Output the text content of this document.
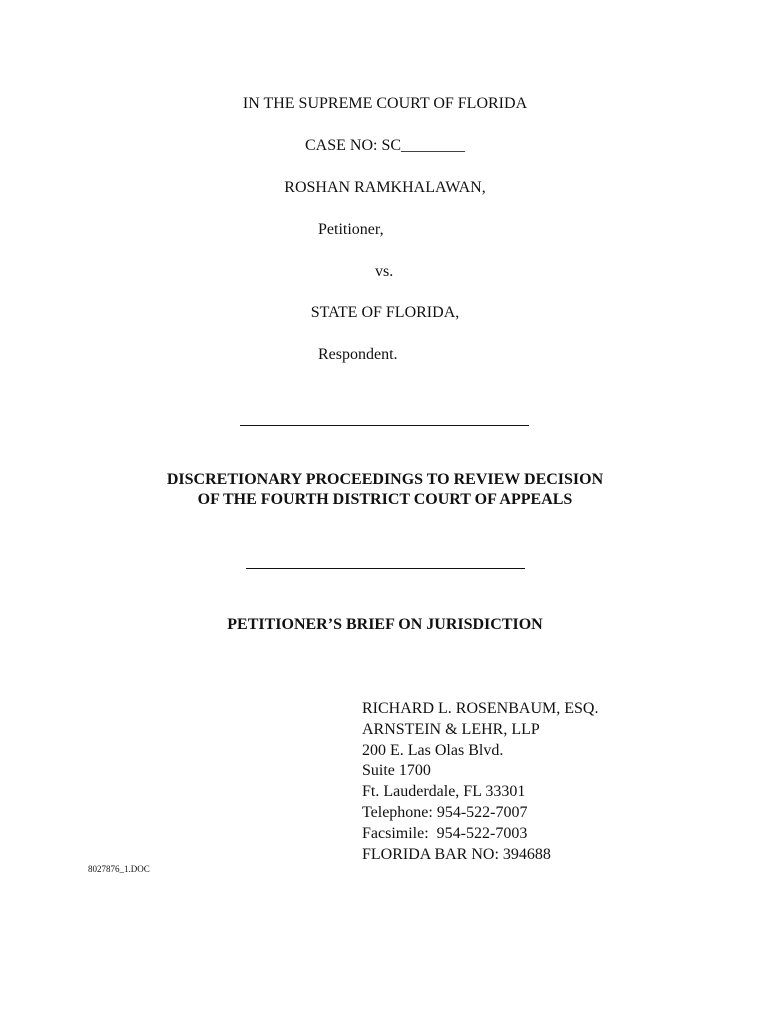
IN THE SUPREME COURT OF FLORIDA
CASE NO: SC________
ROSHAN RAMKHALAWAN,
Petitioner,
vs.
STATE OF FLORIDA,
Respondent.
DISCRETIONARY PROCEEDINGS TO REVIEW DECISION
OF THE FOURTH DISTRICT COURT OF APPEALS
PETITIONER’S BRIEF ON JURISDICTION
RICHARD L. ROSENBAUM, ESQ.
ARNSTEIN & LEHR, LLP
200 E. Las Olas Blvd.
Suite 1700
Ft. Lauderdale, FL 33301
Telephone: 954-522-7007
Facsimile:  954-522-7003
FLORIDA BAR NO: 394688
8027876_1.DOC
